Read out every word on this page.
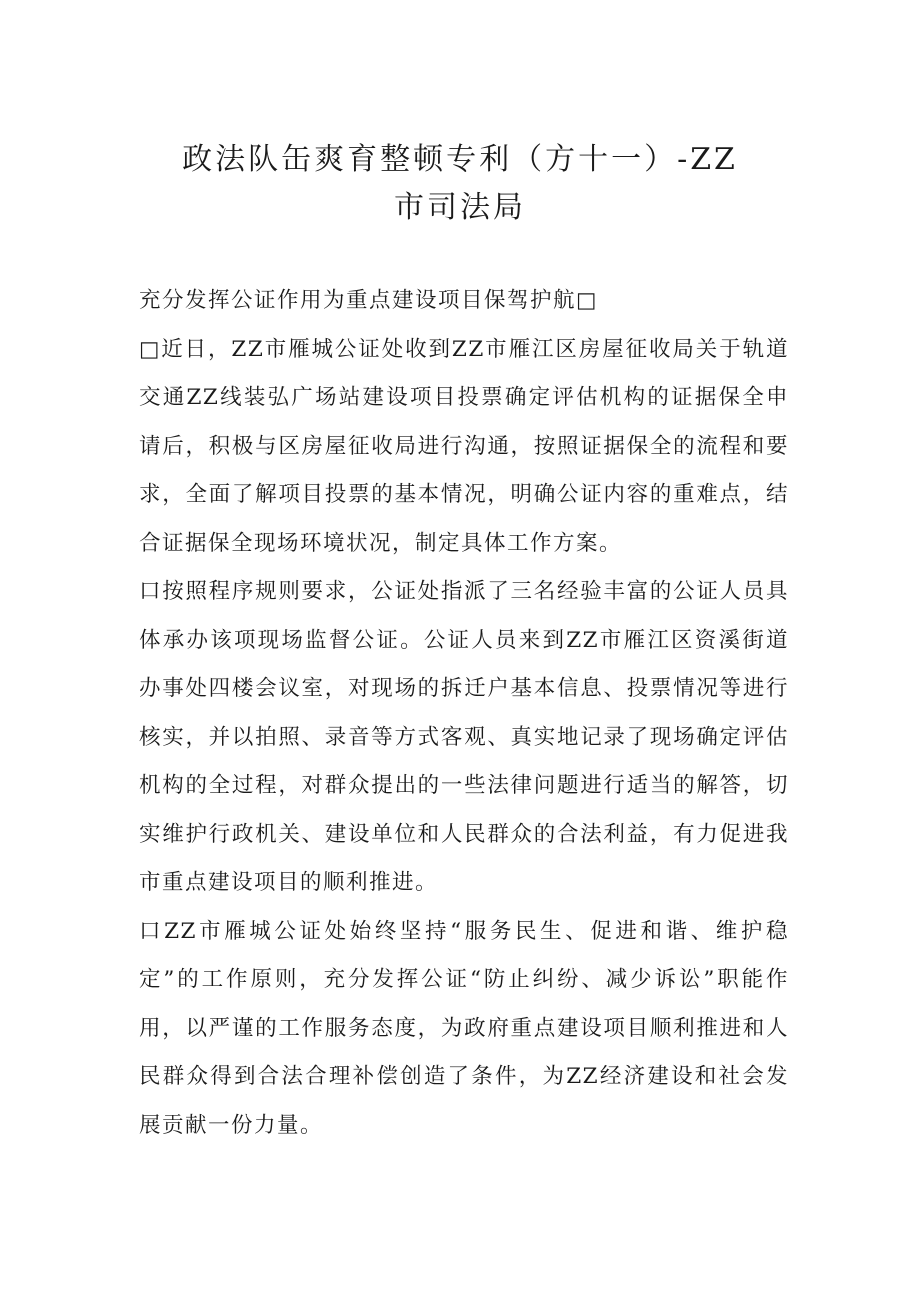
政法队缶爽育整顿专利（方十一）-ZZ
市司法局

充分发挥公证作用为重点建设项目保驾护航□

□近日，ZZ市雁城公证处收到ZZ市雁江区房屋征收局关于轨道交通ZZ线装弘广场站建设项目投票确定评估机构的证据保全申请后，积极与区房屋征收局进行沟通，按照证据保全的流程和要求，全面了解项目投票的基本情况，明确公证内容的重难点，结合证据保全现场环境状况，制定具体工作方案。

口按照程序规则要求，公证处指派了三名经验丰富的公证人员具体承办该项现场监督公证。公证人员来到ZZ市雁江区资溪街道办事处四楼会议室，对现场的拆迁户基本信息、投票情况等进行核实，并以拍照、录音等方式客观、真实地记录了现场确定评估机构的全过程，对群众提出的一些法律问题进行适当的解答，切实维护行政机关、建设单位和人民群众的合法利益，有力促进我市重点建设项目的顺利推进。

口ZZ市雁城公证处始终坚持“服务民生、促进和谐、维护稳定”的工作原则，充分发挥公证“防止纠纷、减少诉讼”职能作用，以严谨的工作服务态度，为政府重点建设项目顺利推进和人民群众得到合法合理补偿创造了条件，为ZZ经济建设和社会发展贡献一份力量。
